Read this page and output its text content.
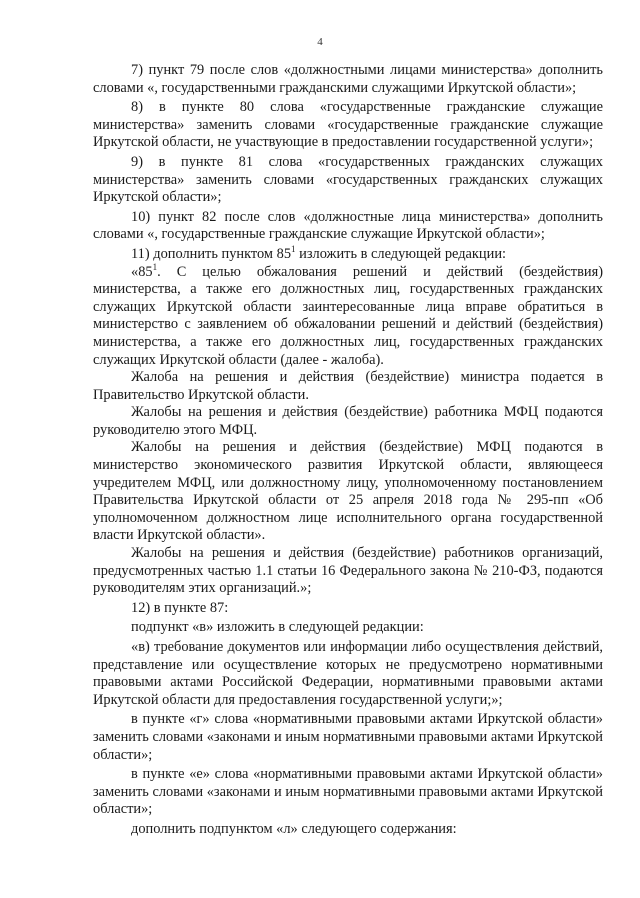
4

7) пункт 79 после слов «должностными лицами министерства» дополнить словами «, государственными гражданскими служащими Иркутской области»;

8) в пункте 80 слова «государственные гражданские служащие министерства» заменить словами «государственные гражданские служащие Иркутской области, не участвующие в предоставлении государственной услуги»;

9) в пункте 81 слова «государственных гражданских служащих министерства» заменить словами «государственных гражданских служащих Иркутской области»;

10) пункт 82 после слов «должностные лица министерства» дополнить словами «, государственные гражданские служащие Иркутской области»;

11) дополнить пунктом $85^1$ изложить в следующей редакции:

«$85^1$. С целью обжалования решений и действий (бездействия) министерства, а также его должностных лиц, государственных гражданских служащих Иркутской области заинтересованные лица вправе обратиться в министерство с заявлением об обжаловании решений и действий (бездействия) министерства, а также его должностных лиц, государственных гражданских служащих Иркутской области (далее - жалоба).

Жалоба на решения и действия (бездействие) министра подается в Правительство Иркутской области.

Жалобы на решения и действия (бездействие) работника МФЦ подаются руководителю этого МФЦ.

Жалобы на решения и действия (бездействие) МФЦ подаются в министерство экономического развития Иркутской области, являющееся учредителем МФЦ, или должностному лицу, уполномоченному постановлением Правительства Иркутской области от 25 апреля 2018 года № 295-пп «Об уполномоченном должностном лице исполнительного органа государственной власти Иркутской области».

Жалобы на решения и действия (бездействие) работников организаций, предусмотренных частью 1.1 статьи 16 Федерального закона № 210-ФЗ, подаются руководителям этих организаций.»;

12) в пункте 87:

подпункт «в» изложить в следующей редакции:

«в) требование документов или информации либо осуществления действий, представление или осуществление которых не предусмотрено нормативными правовыми актами Российской Федерации, нормативными правовыми актами Иркутской области для предоставления государственной услуги;»;

в пункте «г» слова «нормативными правовыми актами Иркутской области» заменить словами «законами и иным нормативными правовыми актами Иркутской области»;

в пункте «е» слова «нормативными правовыми актами Иркутской области» заменить словами «законами и иным нормативными правовыми актами Иркутской области»;

дополнить подпунктом «л» следующего содержания:
